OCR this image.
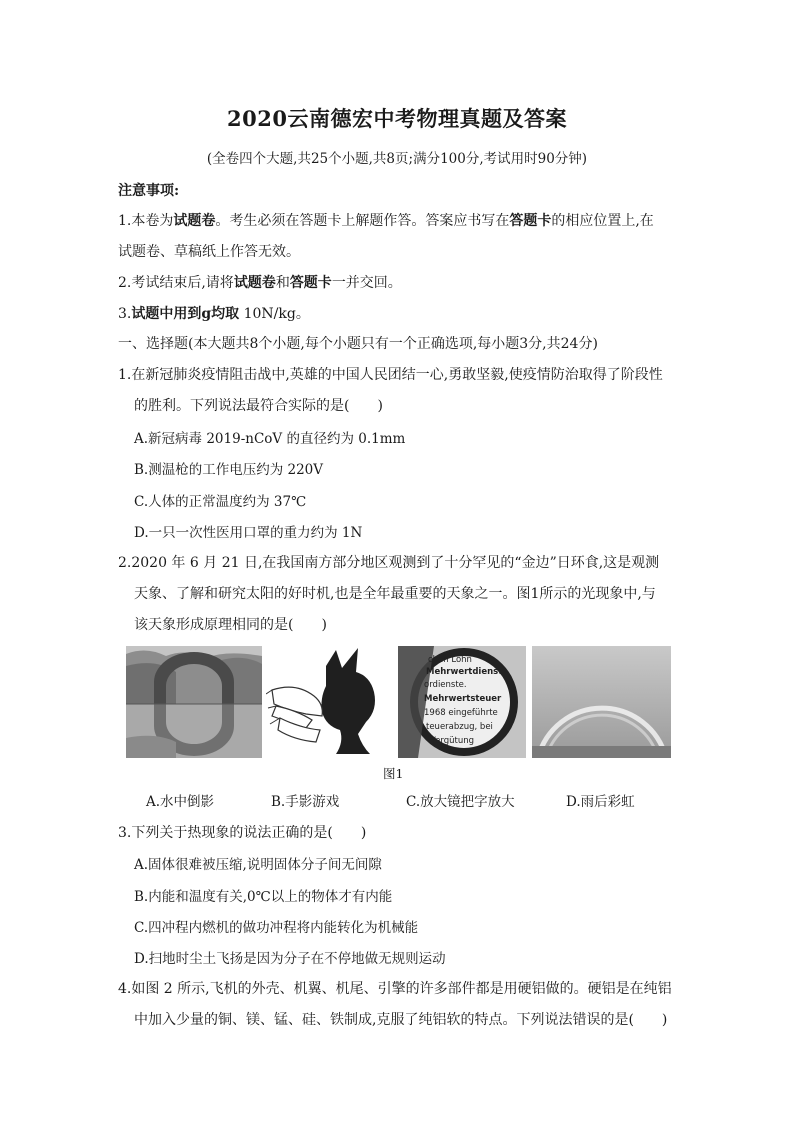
2020云南德宏中考物理真题及答案
(全卷四个大题,共25个小题,共8页;满分100分,考试用时90分钟)
注意事项:
1.本卷为试题卷。考生必须在答题卡上解题作答。答案应书写在答题卡的相应位置上,在
试题卷、草稿纸上作答无效。
2.考试结束后,请将试题卷和答题卡一并交回。
3.试题中用到g均取 10N/kg。
一、选择题(本大题共8个小题,每个小题只有一个正确选项,每小题3分,共24分)
1.在新冠肺炎疫情阻击战中,英雄的中国人民团结一心,勇敢坚毅,使疫情防治取得了阶段性
的胜利。下列说法最符合实际的是(　　)
A.新冠病毒 2019-nCoV 的直径约为 0.1mm
B.测温枪的工作电压约为 220V
C.人体的正常温度约为 37℃
D.一只一次性医用口罩的重力约为 1N
2.2020 年 6 月 21 日,在我国南方部分地区观测到了十分罕见的“金边”日环食,这是观测
天象、了解和研究太阳的好时机,也是全年最重要的天象之一。图1所示的光现象中,与
该天象形成原理相同的是(　　)
chen Lohn
Mehrwertdienst
ordienste.
Mehrwertsteuer
1968 eingeführte
teuerabzug, bei
Vergütung
图1
A.水中倒影	B.手影游戏	C.放大镜把字放大	D.雨后彩虹
3.下列关于热现象的说法正确的是(　　)
A.固体很难被压缩,说明固体分子间无间隙
B.内能和温度有关,0℃以上的物体才有内能
C.四冲程内燃机的做功冲程将内能转化为机械能
D.扫地时尘土飞扬是因为分子在不停地做无规则运动
4.如图 2 所示,飞机的外壳、机翼、机尾、引擎的许多部件都是用硬铝做的。硬铝是在纯铝
中加入少量的铜、镁、锰、硅、铁制成,克服了纯铝软的特点。下列说法错误的是(　　)
